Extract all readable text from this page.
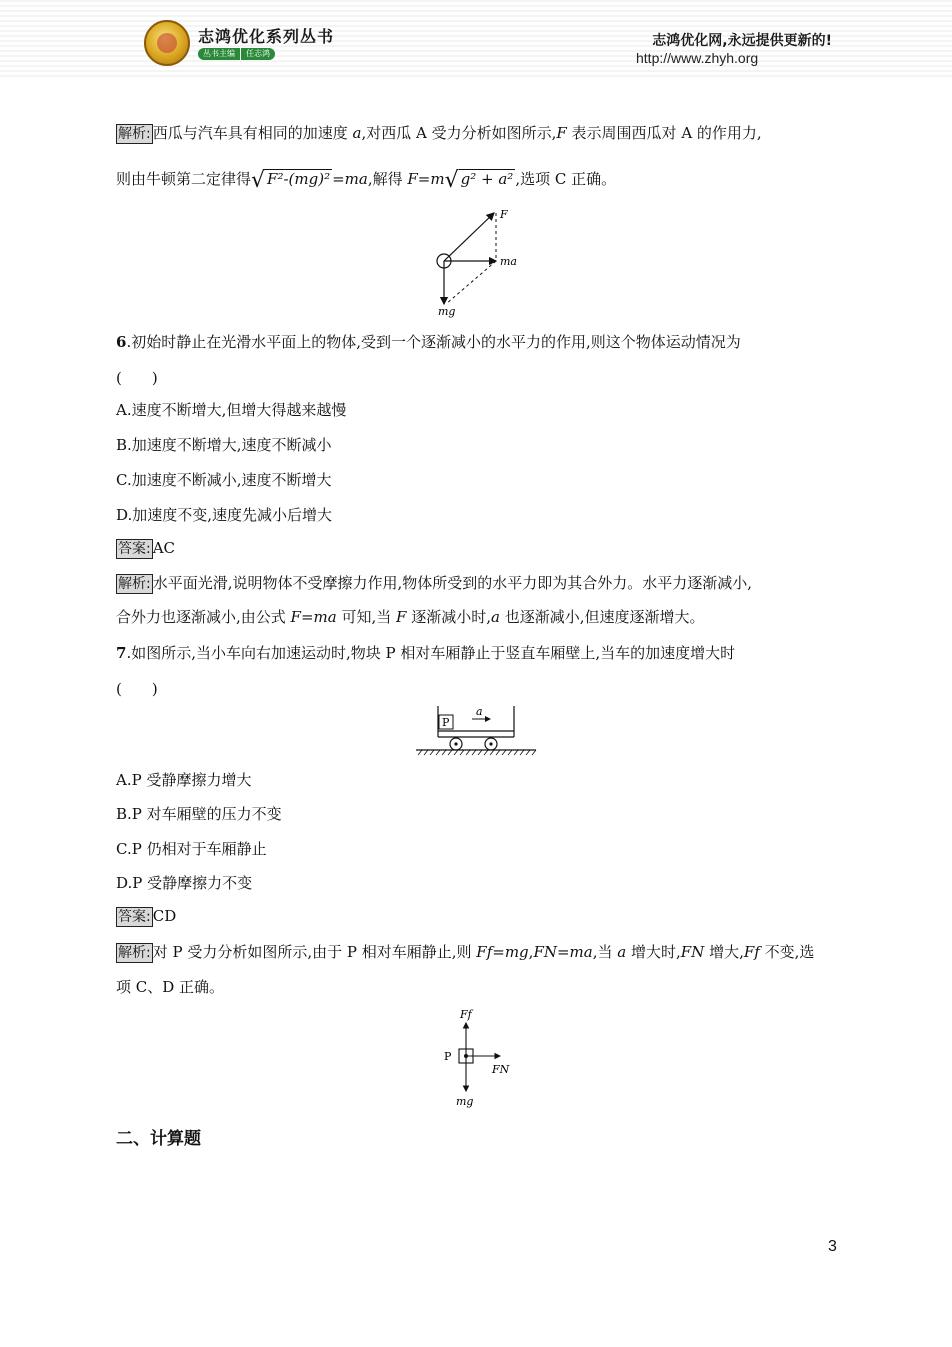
志鸿优化系列丛书
丛书主编 任志鸿
志鸿优化网,永远提供更新的!
http://www.zhyh.org
解析: 西瓜与汽车具有相同的加速度 a,对西瓜 A 受力分析如图所示,F 表示周围西瓜对 A 的作用力,
则由牛顿第二定律得√ F²-(mg)² =ma,解得 F=m√ g² + a² ,选项 C 正确。
F
ma
mg
6.初始时静止在光滑水平面上的物体,受到一个逐渐减小的水平力的作用,则这个物体运动情况为
(　　)
A.速度不断增大,但增大得越来越慢
B.加速度不断增大,速度不断减小
C.加速度不断减小,速度不断增大
D.加速度不变,速度先减小后增大
答案: AC
解析: 水平面光滑,说明物体不受摩擦力作用,物体所受到的水平力即为其合外力。水平力逐渐减小,
合外力也逐渐减小,由公式 F=ma 可知,当 F 逐渐减小时,a 也逐渐减小,但速度逐渐增大。
7.如图所示,当小车向右加速运动时,物块 P 相对车厢静止于竖直车厢壁上,当车的加速度增大时
(　　)
P
a
A.P 受静摩擦力增大
B.P 对车厢壁的压力不变
C.P 仍相对于车厢静止
D.P 受静摩擦力不变
答案: CD
解析: 对 P 受力分析如图所示,由于 P 相对车厢静止,则 Ff=mg,FN=ma,当 a 增大时,FN 增大,Ff 不变,选
项 C、D 正确。
Ff
P
FN
mg
二、计算题
3
